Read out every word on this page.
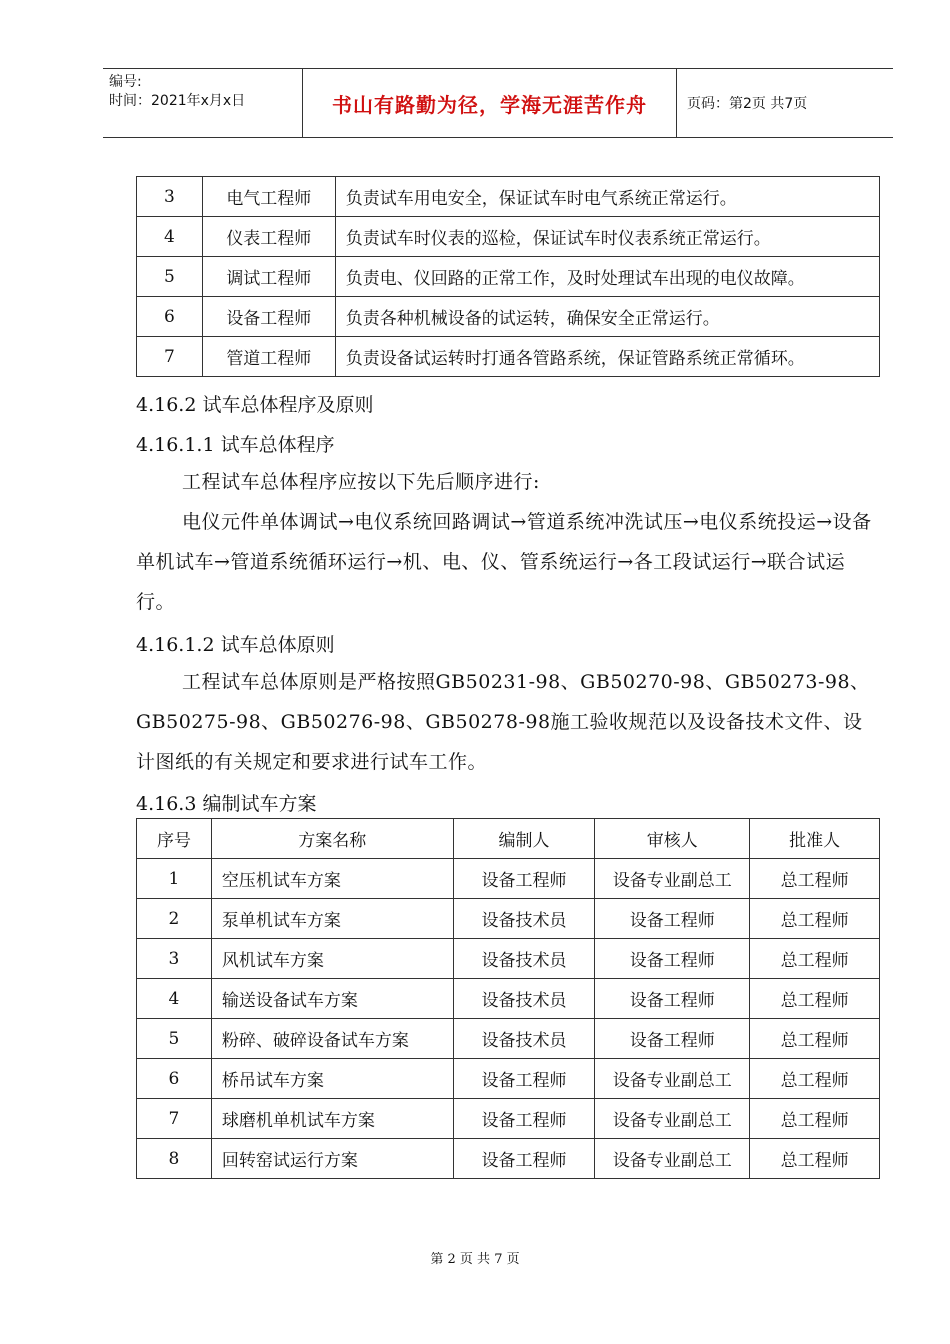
编号:
时间：2021年x月x日	书山有路勤为径，学海无涯苦作舟	页码：第2页 共7页
3	电气工程师	负责试车用电安全，保证试车时电气系统正常运行。
4	仪表工程师	负责试车时仪表的巡检，保证试车时仪表系统正常运行。
5	调试工程师	负责电、仪回路的正常工作，及时处理试车出现的电仪故障。
6	设备工程师	负责各种机械设备的试运转，确保安全正常运行。
7	管道工程师	负责设备试运转时打通各管路系统，保证管路系统正常循环。
4.16.2 试车总体程序及原则
4.16.1.1 试车总体程序
工程试车总体程序应按以下先后顺序进行:
电仪元件单体调试→电仪系统回路调试→管道系统冲洗试压→电仪系统投运→设备单机试车→管道系统循环运行→机、电、仪、管系统运行→各工段试运行→联合试运行。
4.16.1.2 试车总体原则
工程试车总体原则是严格按照GB50231-98、GB50270-98、GB50273-98、GB50275-98、GB50276-98、GB50278-98施工验收规范以及设备技术文件、设计图纸的有关规定和要求进行试车工作。
4.16.3 编制试车方案
序号	方案名称	编制人	审核人	批准人
1	空压机试车方案	设备工程师	设备专业副总工	总工程师
2	泵单机试车方案	设备技术员	设备工程师	总工程师
3	风机试车方案	设备技术员	设备工程师	总工程师
4	输送设备试车方案	设备技术员	设备工程师	总工程师
5	粉碎、破碎设备试车方案	设备技术员	设备工程师	总工程师
6	桥吊试车方案	设备工程师	设备专业副总工	总工程师
7	球磨机单机试车方案	设备工程师	设备专业副总工	总工程师
8	回转窑试运行方案	设备工程师	设备专业副总工	总工程师
第 2 页 共 7 页
